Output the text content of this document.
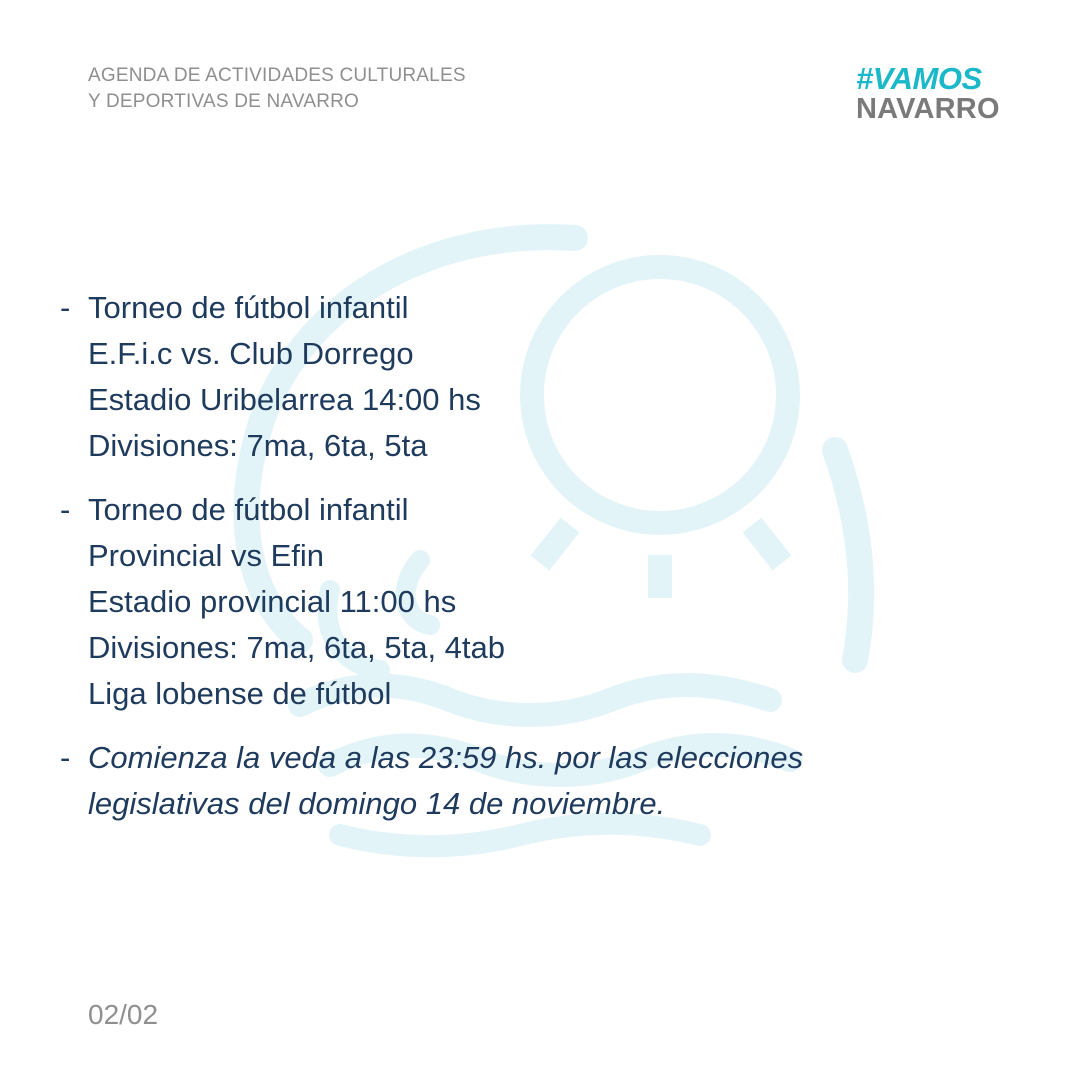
AGENDA DE ACTIVIDADES CULTURALES
Y DEPORTIVAS DE NAVARRO
#VAMOS
NAVARRO
- Torneo de fútbol infantil
E.F.i.c vs. Club Dorrego
Estadio Uribelarrea 14:00 hs
Divisiones: 7ma, 6ta, 5ta
- Torneo de fútbol infantil
Provincial vs Efin
Estadio provincial 11:00 hs
Divisiones: 7ma, 6ta, 5ta, 4tab
Liga lobense de fútbol
- Comienza la veda a las 23:59 hs. por las elecciones
legislativas del domingo 14 de noviembre.
02/02
